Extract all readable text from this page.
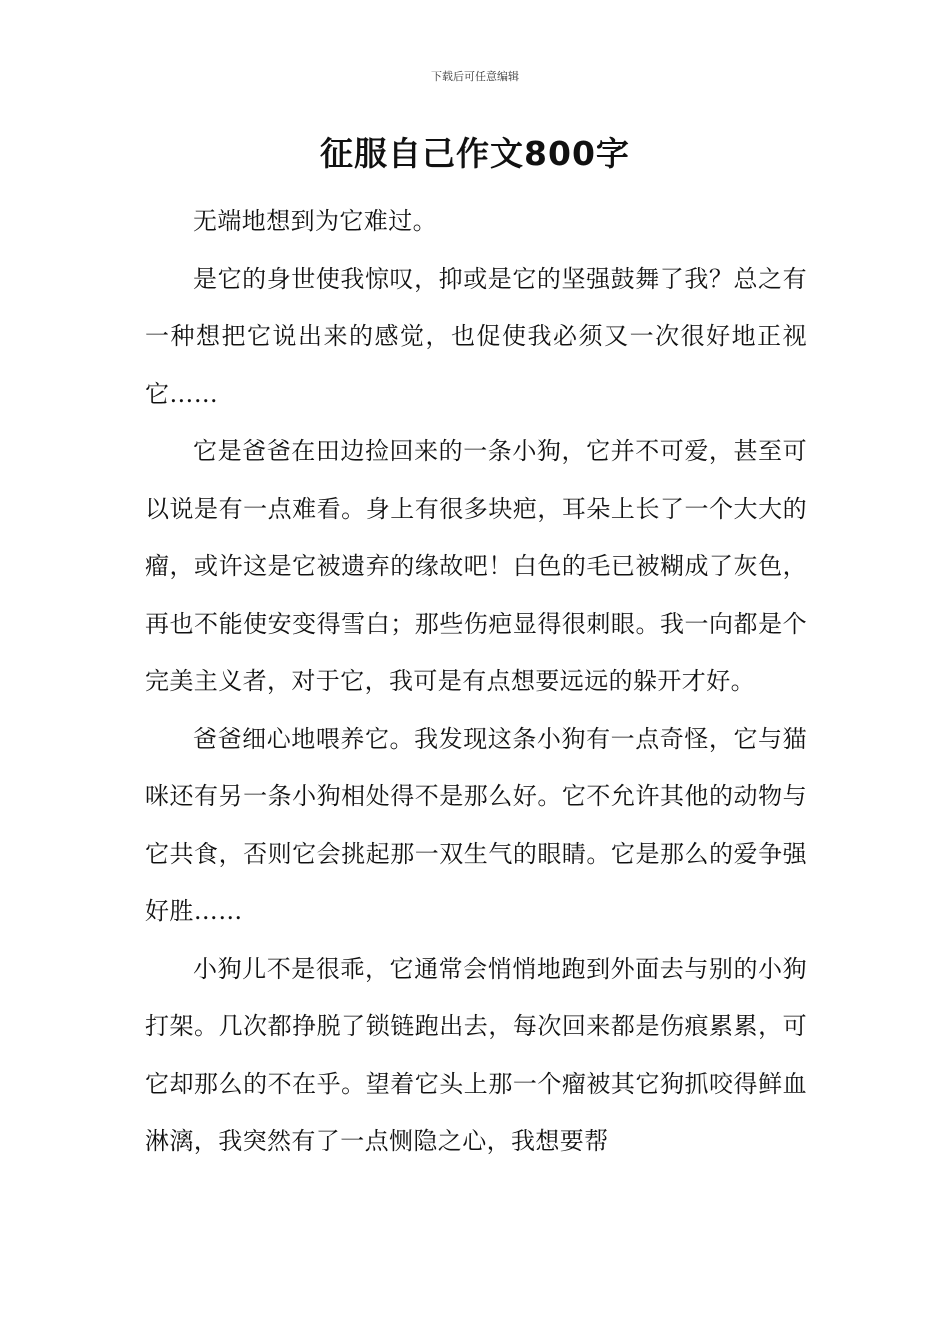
下载后可任意编辑
征服自己作文800字

无端地想到为它难过。

是它的身世使我惊叹，抑或是它的坚强鼓舞了我？总之有一种想把它说出来的感觉，也促使我必须又一次很好地正视它……

它是爸爸在田边捡回来的一条小狗，它并不可爱，甚至可以说是有一点难看。身上有很多块疤，耳朵上长了一个大大的瘤，或许这是它被遗弃的缘故吧！白色的毛已被糊成了灰色，再也不能使安变得雪白；那些伤疤显得很刺眼。我一向都是个完美主义者，对于它，我可是有点想要远远的躲开才好。

爸爸细心地喂养它。我发现这条小狗有一点奇怪，它与猫咪还有另一条小狗相处得不是那么好。它不允许其他的动物与它共食，否则它会挑起那一双生气的眼睛。它是那么的爱争强好胜……

小狗儿不是很乖，它通常会悄悄地跑到外面去与别的小狗打架。几次都挣脱了锁链跑出去，每次回来都是伤痕累累，可它却那么的不在乎。望着它头上那一个瘤被其它狗抓咬得鲜血淋漓，我突然有了一点恻隐之心，我想要帮
